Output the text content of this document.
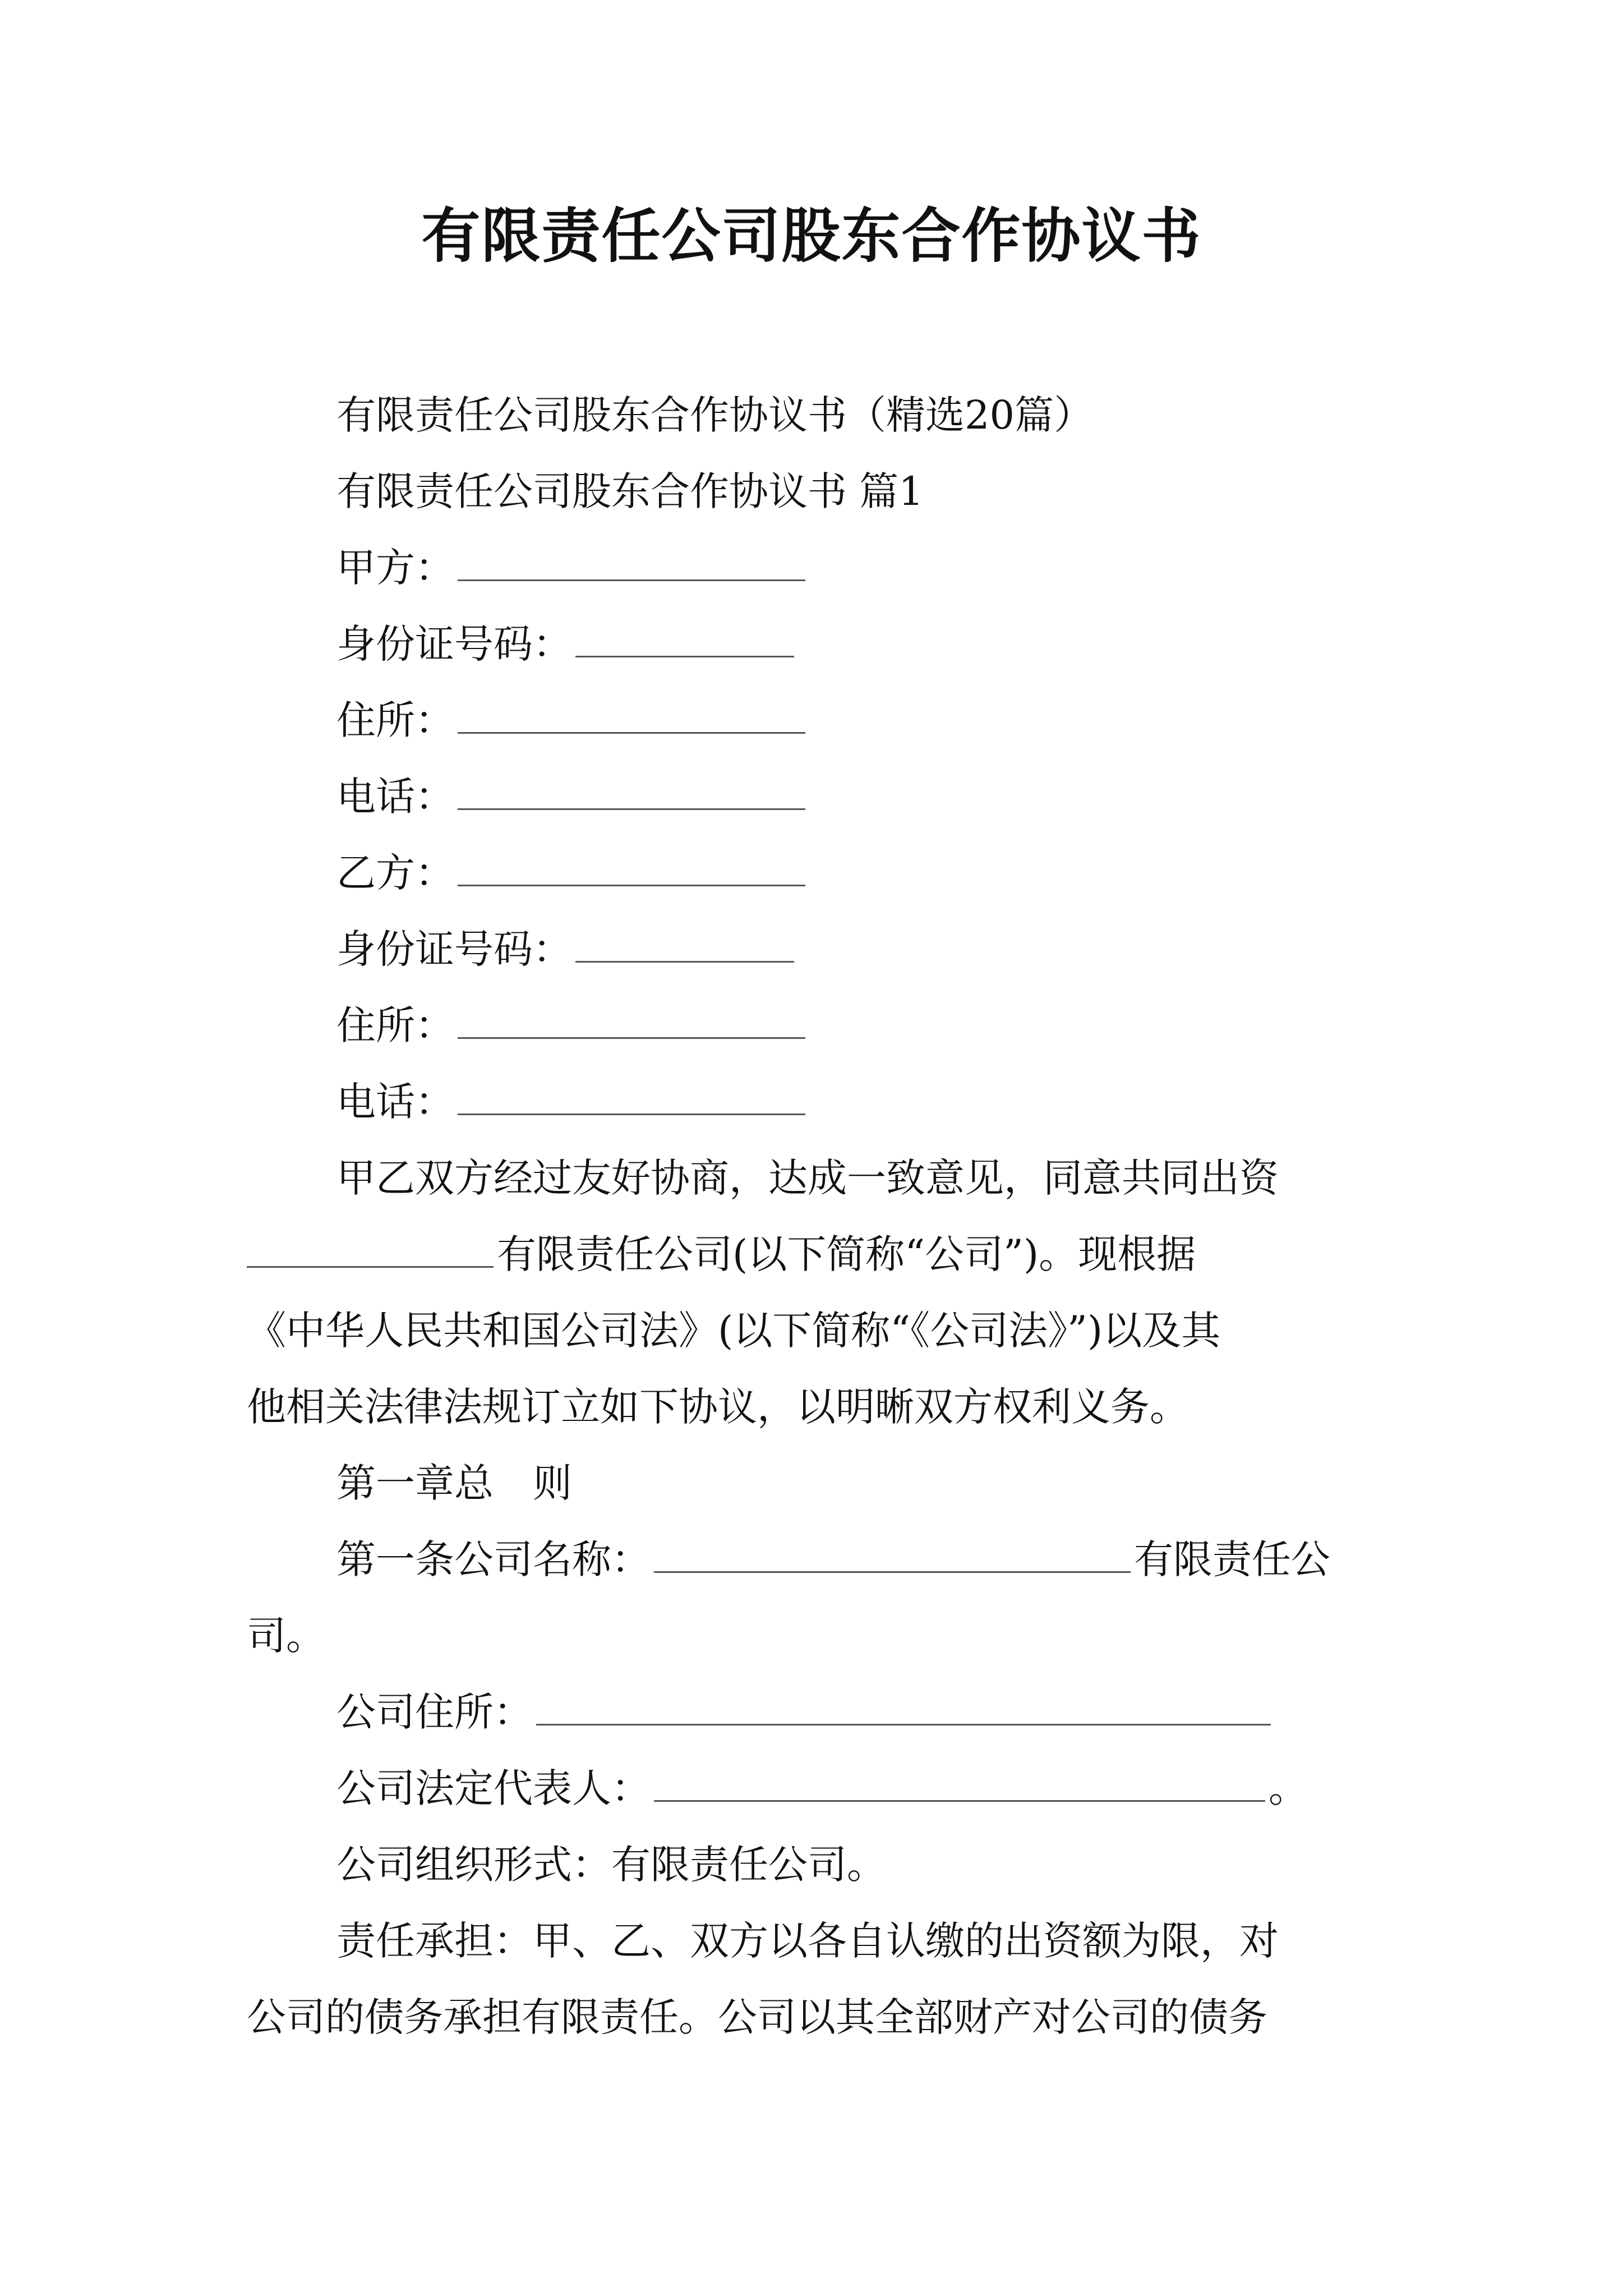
有限责任公司股东合作协议书
有限责任公司股东合作协议书（精选20篇）
有限责任公司股东合作协议书 篇1
甲方：
身份证号码：
住所：
电话：
乙方：
身份证号码：
住所：
电话：
甲乙双方经过友好协商，达成一致意见，同意共同出资
有限责任公司(以下简称“公司”)。现根据
《中华人民共和国公司法》(以下简称“《公司法》”)以及其
他相关法律法规订立如下协议，以明晰双方权利义务。
第一章总　则
第一条公司名称：	有限责任公
司。
公司住所：
公司法定代表人：	。
公司组织形式：有限责任公司。
责任承担：甲、乙、双方以各自认缴的出资额为限，对
公司的债务承担有限责任。公司以其全部财产对公司的债务
